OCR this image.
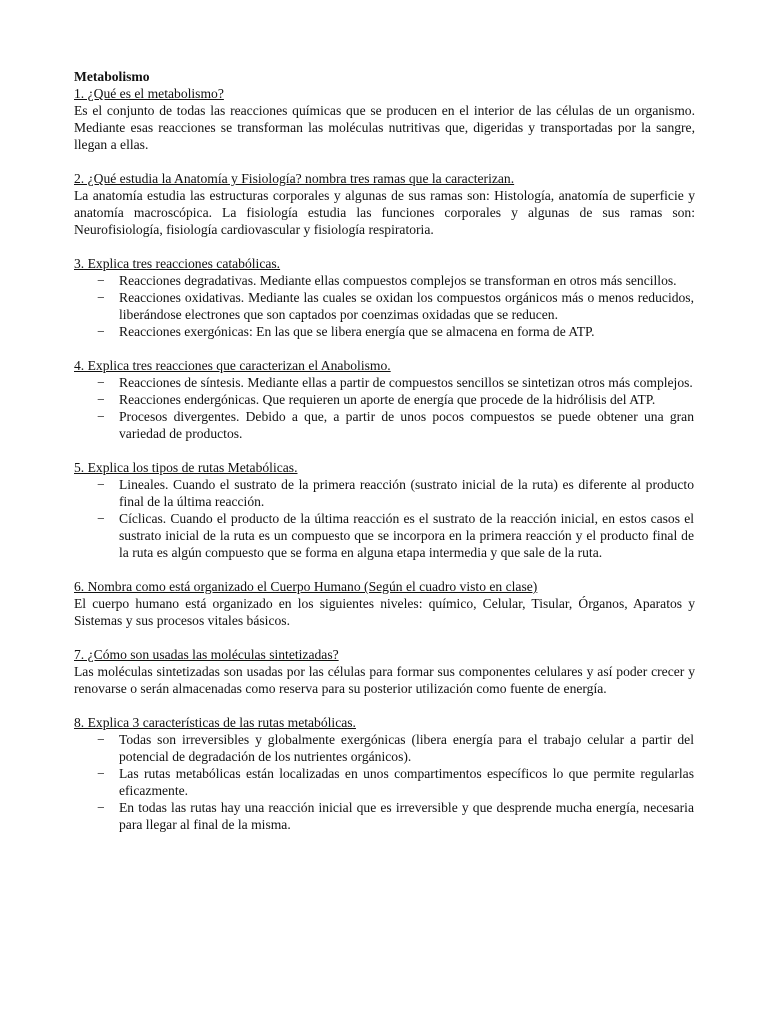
Metabolismo

1. ¿Qué es el metabolismo?

Es el conjunto de todas las reacciones químicas que se producen en el interior de las células de un organismo. Mediante esas reacciones se transforman las moléculas nutritivas que, digeridas y transportadas por la sangre, llegan a ellas.

2. ¿Qué estudia la Anatomía y Fisiología? nombra tres ramas que la caracterizan.

La anatomía estudia las estructuras corporales y algunas de sus ramas son: Histología, anatomía de superficie y anatomía macroscópica. La fisiología estudia las funciones corporales y algunas de sus ramas son: Neurofisiología, fisiología cardiovascular y fisiología respiratoria.

3. Explica tres reacciones catabólicas.

− Reacciones degradativas. Mediante ellas compuestos complejos se transforman en otros más sencillos.
− Reacciones oxidativas. Mediante las cuales se oxidan los compuestos orgánicos más o menos reducidos, liberándose electrones que son captados por coenzimas oxidadas que se reducen.
− Reacciones exergónicas: En las que se libera energía que se almacena en forma de ATP.

4. Explica tres reacciones que caracterizan el Anabolismo.

− Reacciones de síntesis. Mediante ellas a partir de compuestos sencillos se sintetizan otros más complejos.
− Reacciones endergónicas. Que requieren un aporte de energía que procede de la hidrólisis del ATP.
− Procesos divergentes. Debido a que, a partir de unos pocos compuestos se puede obtener una gran variedad de productos.

5. Explica los tipos de rutas Metabólicas.

− Lineales. Cuando el sustrato de la primera reacción (sustrato inicial de la ruta) es diferente al producto final de la última reacción.
− Cíclicas. Cuando el producto de la última reacción es el sustrato de la reacción inicial, en estos casos el sustrato inicial de la ruta es un compuesto que se incorpora en la primera reacción y el producto final de la ruta es algún compuesto que se forma en alguna etapa intermedia y que sale de la ruta.

6. Nombra como está organizado el Cuerpo Humano (Según el cuadro visto en clase)

El cuerpo humano está organizado en los siguientes niveles: químico, Celular, Tisular, Órganos, Aparatos y Sistemas y sus procesos vitales básicos.

7. ¿Cómo son usadas las moléculas sintetizadas?

Las moléculas sintetizadas son usadas por las células para formar sus componentes celulares y así poder crecer y renovarse o serán almacenadas como reserva para su posterior utilización como fuente de energía.

8. Explica 3 características de las rutas metabólicas.

− Todas son irreversibles y globalmente exergónicas (libera energía para el trabajo celular a partir del potencial de degradación de los nutrientes orgánicos).
− Las rutas metabólicas están localizadas en unos compartimentos específicos lo que permite regularlas eficazmente.
− En todas las rutas hay una reacción inicial que es irreversible y que desprende mucha energía, necesaria para llegar al final de la misma.
